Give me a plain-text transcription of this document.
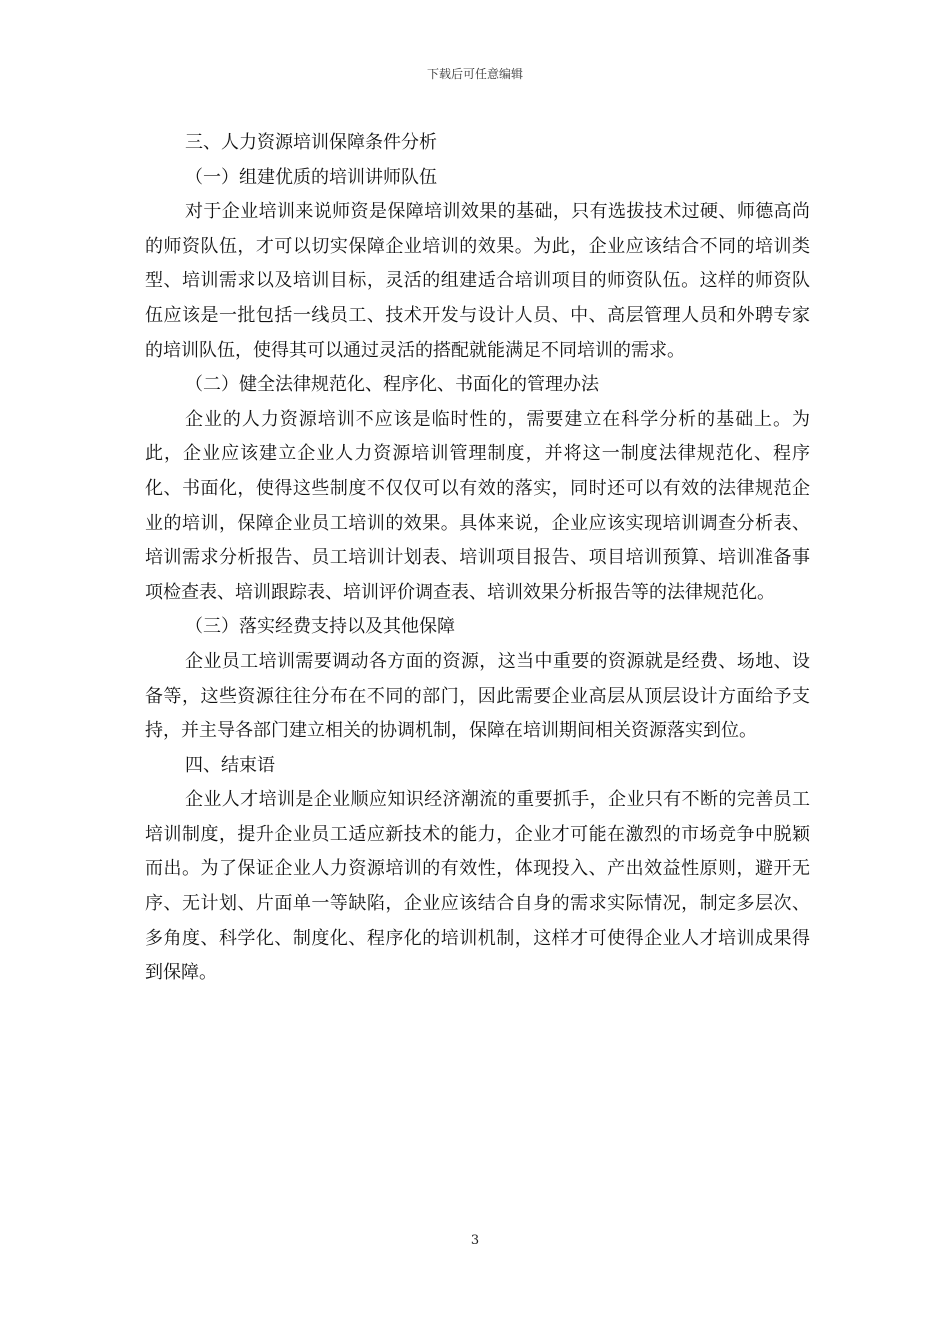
下载后可任意编辑

三、人力资源培训保障条件分析

（一）组建优质的培训讲师队伍

对于企业培训来说师资是保障培训效果的基础，只有选拔技术过硬、师德高尚的师资队伍，才可以切实保障企业培训的效果。为此，企业应该结合不同的培训类型、培训需求以及培训目标，灵活的组建适合培训项目的师资队伍。这样的师资队伍应该是一批包括一线员工、技术开发与设计人员、中、高层管理人员和外聘专家的培训队伍，使得其可以通过灵活的搭配就能满足不同培训的需求。

（二）健全法律规范化、程序化、书面化的管理办法

企业的人力资源培训不应该是临时性的，需要建立在科学分析的基础上。为此，企业应该建立企业人力资源培训管理制度，并将这一制度法律规范化、程序化、书面化，使得这些制度不仅仅可以有效的落实，同时还可以有效的法律规范企业的培训，保障企业员工培训的效果。具体来说，企业应该实现培训调查分析表、培训需求分析报告、员工培训计划表、培训项目报告、项目培训预算、培训准备事项检查表、培训跟踪表、培训评价调查表、培训效果分析报告等的法律规范化。

（三）落实经费支持以及其他保障

企业员工培训需要调动各方面的资源，这当中重要的资源就是经费、场地、设备等，这些资源往往分布在不同的部门，因此需要企业高层从顶层设计方面给予支持，并主导各部门建立相关的协调机制，保障在培训期间相关资源落实到位。

四、结束语

企业人才培训是企业顺应知识经济潮流的重要抓手，企业只有不断的完善员工培训制度，提升企业员工适应新技术的能力，企业才可能在激烈的市场竞争中脱颖而出。为了保证企业人力资源培训的有效性，体现投入、产出效益性原则，避开无序、无计划、片面单一等缺陷，企业应该结合自身的需求实际情况，制定多层次、多角度、科学化、制度化、程序化的培训机制，这样才可使得企业人才培训成果得到保障。

3
